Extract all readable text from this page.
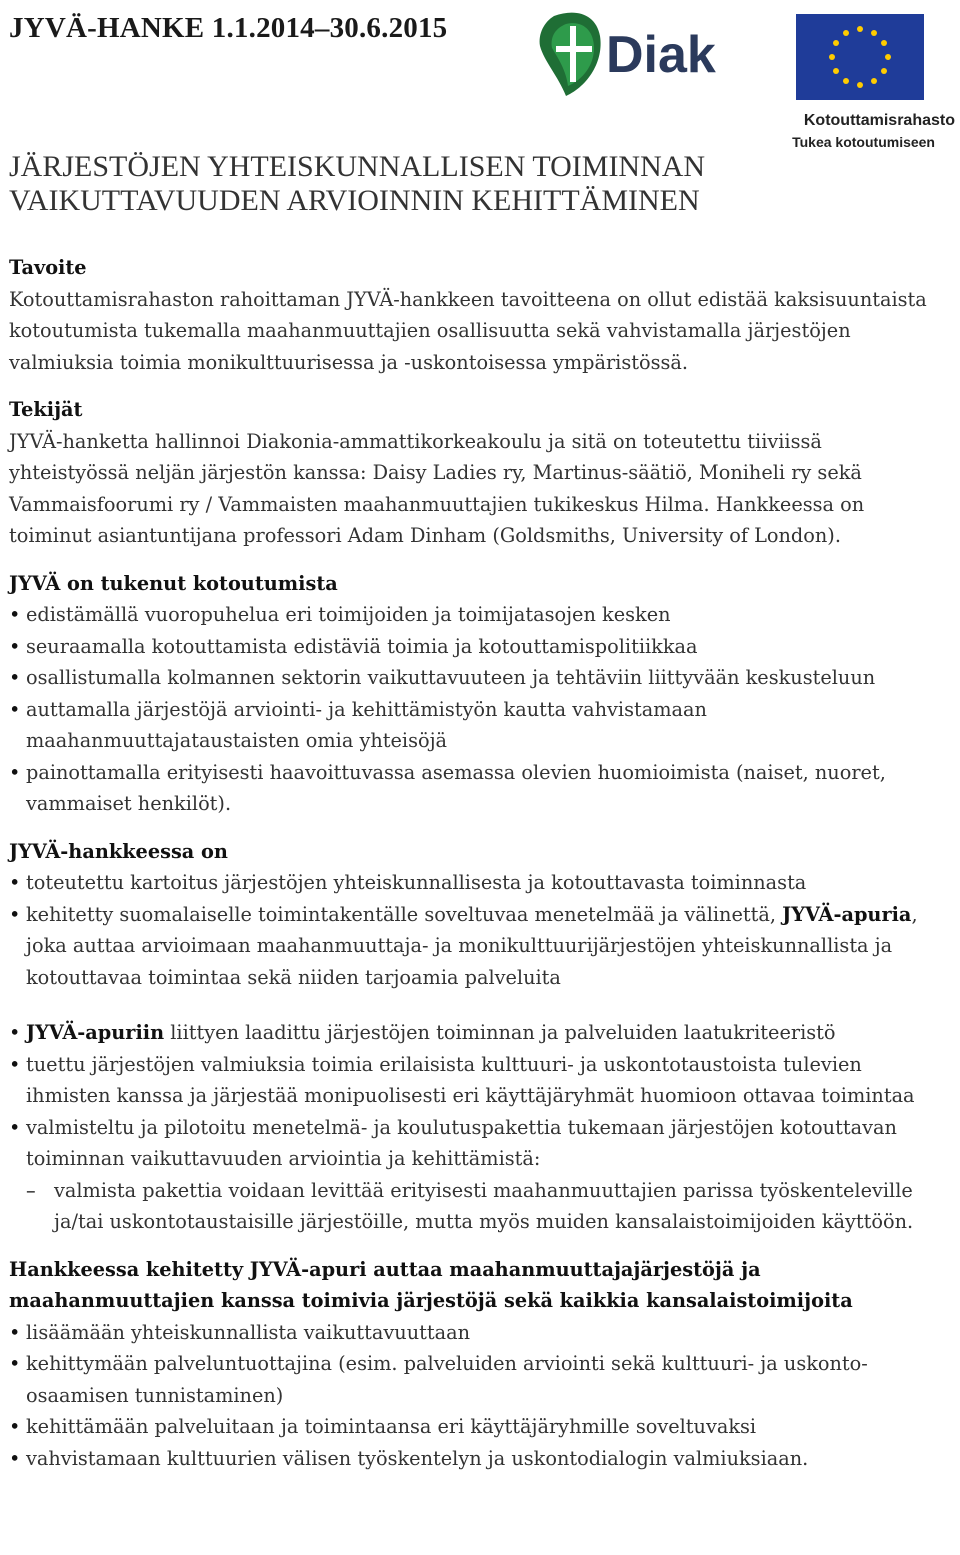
JYVÄ-HANKE 1.1.2014–30.6.2015	Diak
Kotouttamisrahasto
Tukea kotoutumiseen
JÄRJESTÖJEN YHTEISKUNNALLISEN TOIMINNAN
VAIKUTTAVUUDEN ARVIOINNIN KEHITTÄMINEN
Tavoite

Kotouttamisrahaston rahoittaman JYVÄ-hankkeen tavoitteena on ollut edistää kaksisuuntaista kotoutumista tukemalla maahanmuuttajien osallisuutta sekä vahvistamalla järjestöjen valmiuksia toimia monikulttuurisessa ja -uskontoisessa ympäristössä.

Tekijät

JYVÄ-hanketta hallinnoi Diakonia-ammattikorkeakoulu ja sitä on toteutettu tiiviissä yhteistyössä neljän järjestön kanssa: Daisy Ladies ry, Martinus-säätiö, Moniheli ry sekä Vammaisfoorumi ry / Vammaisten maahanmuuttajien tukikeskus Hilma. Hankkeessa on toiminut asiantuntijana professori Adam Dinham (Goldsmiths, University of London).

JYVÄ on tukenut kotoutumista
• edistämällä vuoropuhelua eri toimijoiden ja toimijatasojen kesken
• seuraamalla kotouttamista edistäviä toimia ja kotouttamispolitiikkaa
• osallistumalla kolmannen sektorin vaikuttavuuteen ja tehtäviin liittyvään keskusteluun
• auttamalla järjestöjä arviointi- ja kehittämistyön kautta vahvistamaan maahanmuuttajataustaisten omia yhteisöjä
• painottamalla erityisesti haavoittuvassa asemassa olevien huomioimista (naiset, nuoret, vammaiset henkilöt).
JYVÄ-hankkeessa on
• toteutettu kartoitus järjestöjen yhteiskunnallisesta ja kotouttavasta toiminnasta
• kehitetty suomalaiselle toimintakentälle soveltuvaa menetelmää ja välinettä, JYVÄ-apuria, joka auttaa arvioimaan maahanmuuttaja- ja monikulttuurijärjestöjen yhteiskunnallista ja kotouttavaa toimintaa sekä niiden tarjoamia palveluita
• JYVÄ-apuriin liittyen laadittu järjestöjen toiminnan ja palveluiden laatukriteeristö
• tuettu järjestöjen valmiuksia toimia erilaisista kulttuuri- ja uskontotaustoista tulevien ihmisten kanssa ja järjestää monipuolisesti eri käyttäjäryhmät huomioon ottavaa toimintaa
• valmisteltu ja pilotoitu menetelmä- ja koulutuspakettia tukemaan järjestöjen kotouttavan toiminnan vaikuttavuuden arviointia ja kehittämistä:
– valmista pakettia voidaan levittää erityisesti maahanmuuttajien parissa työskenteleville ja/tai uskontotaustaisille järjestöille, mutta myös muiden kansalaistoimijoiden käyttöön.
Hankkeessa kehitetty JYVÄ-apuri auttaa maahanmuuttajajärjestöjä ja maahanmuuttajien kanssa toimivia järjestöjä sekä kaikkia kansalaistoimijoita
• lisäämään yhteiskunnallista vaikuttavuuttaan
• kehittymään palveluntuottajina (esim. palveluiden arviointi sekä kulttuuri- ja uskonto-osaamisen tunnistaminen)
• kehittämään palveluitaan ja toimintaansa eri käyttäjäryhmille soveltuvaksi
• vahvistamaan kulttuurien välisen työskentelyn ja uskontodialogin valmiuksiaan.
